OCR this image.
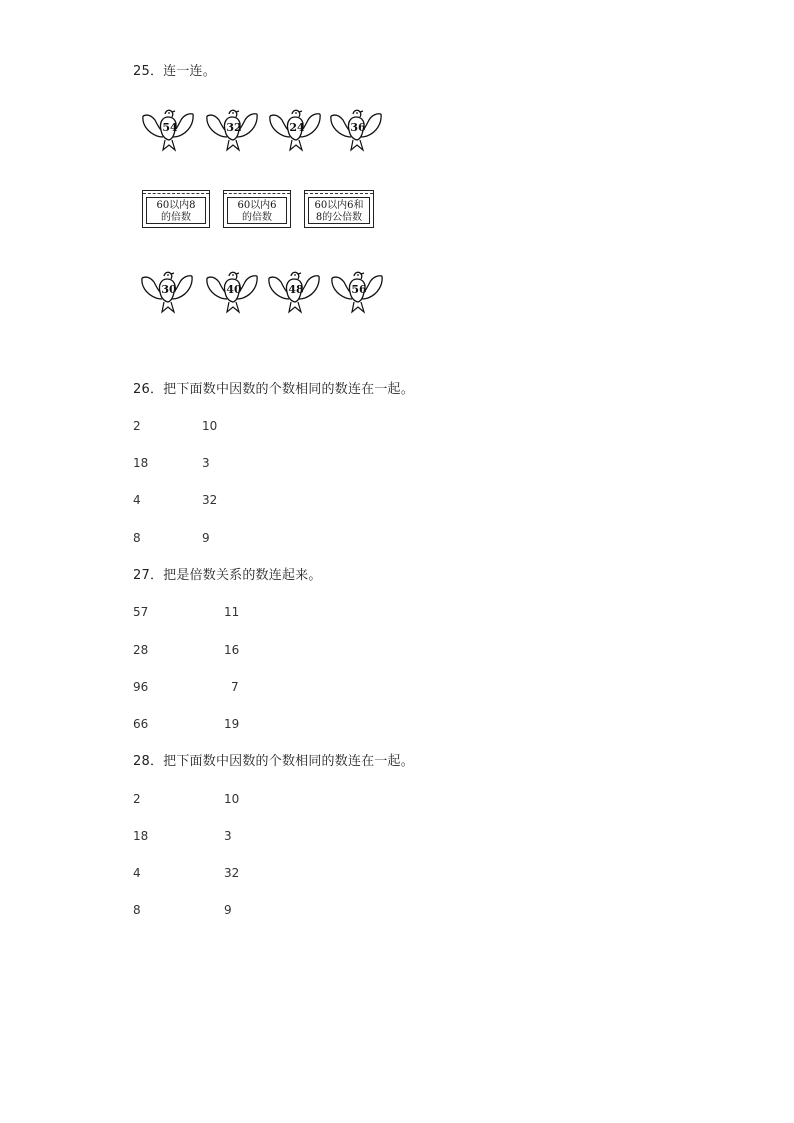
25．连一连。
54	32	24	36
60以内8
的倍数
60以内6
的倍数
60以内6和
8的公倍数
30	40	48	56
26．把下面数中因数的个数相同的数连在一起。
2	10
18	3
4	32
8	9
27．把是倍数关系的数连起来。
57	11
28	16
96	7
66	19
28．把下面数中因数的个数相同的数连在一起。
2	10
18	3
4	32
8	9
